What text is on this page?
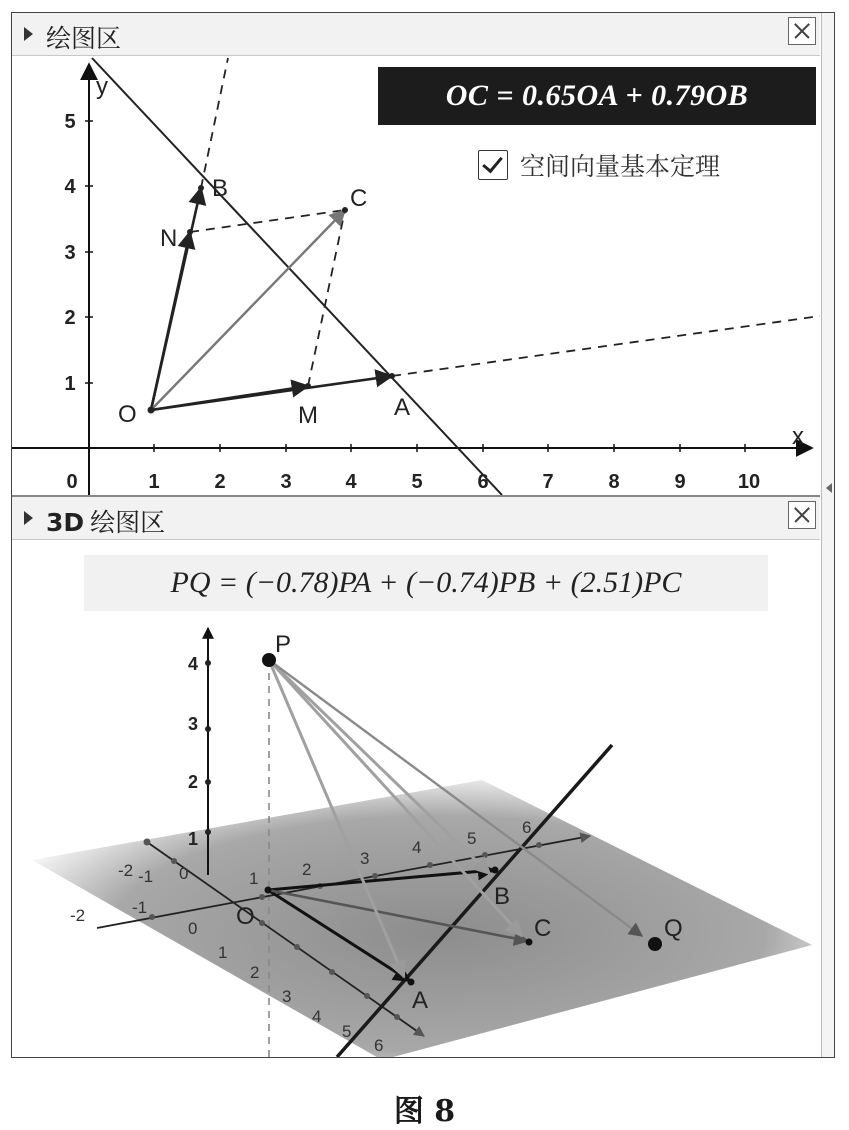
绘图区
0	1	2	3	4	5	6	7	8	9	10
1
2
3
4
5
x
y
O	A
B	C
M
N
OC = 0.65OA + 0.79OB
空间向量基本定理
3D 绘图区
1
2
3
4
1	2
3
4	5
6
1
2
3
4
5
6
-2	-1
-2 -1 0
0
P
O
A
B
C	Q
PQ = (−0.78)PA + (−0.74)PB + (2.51)PC
图 8
